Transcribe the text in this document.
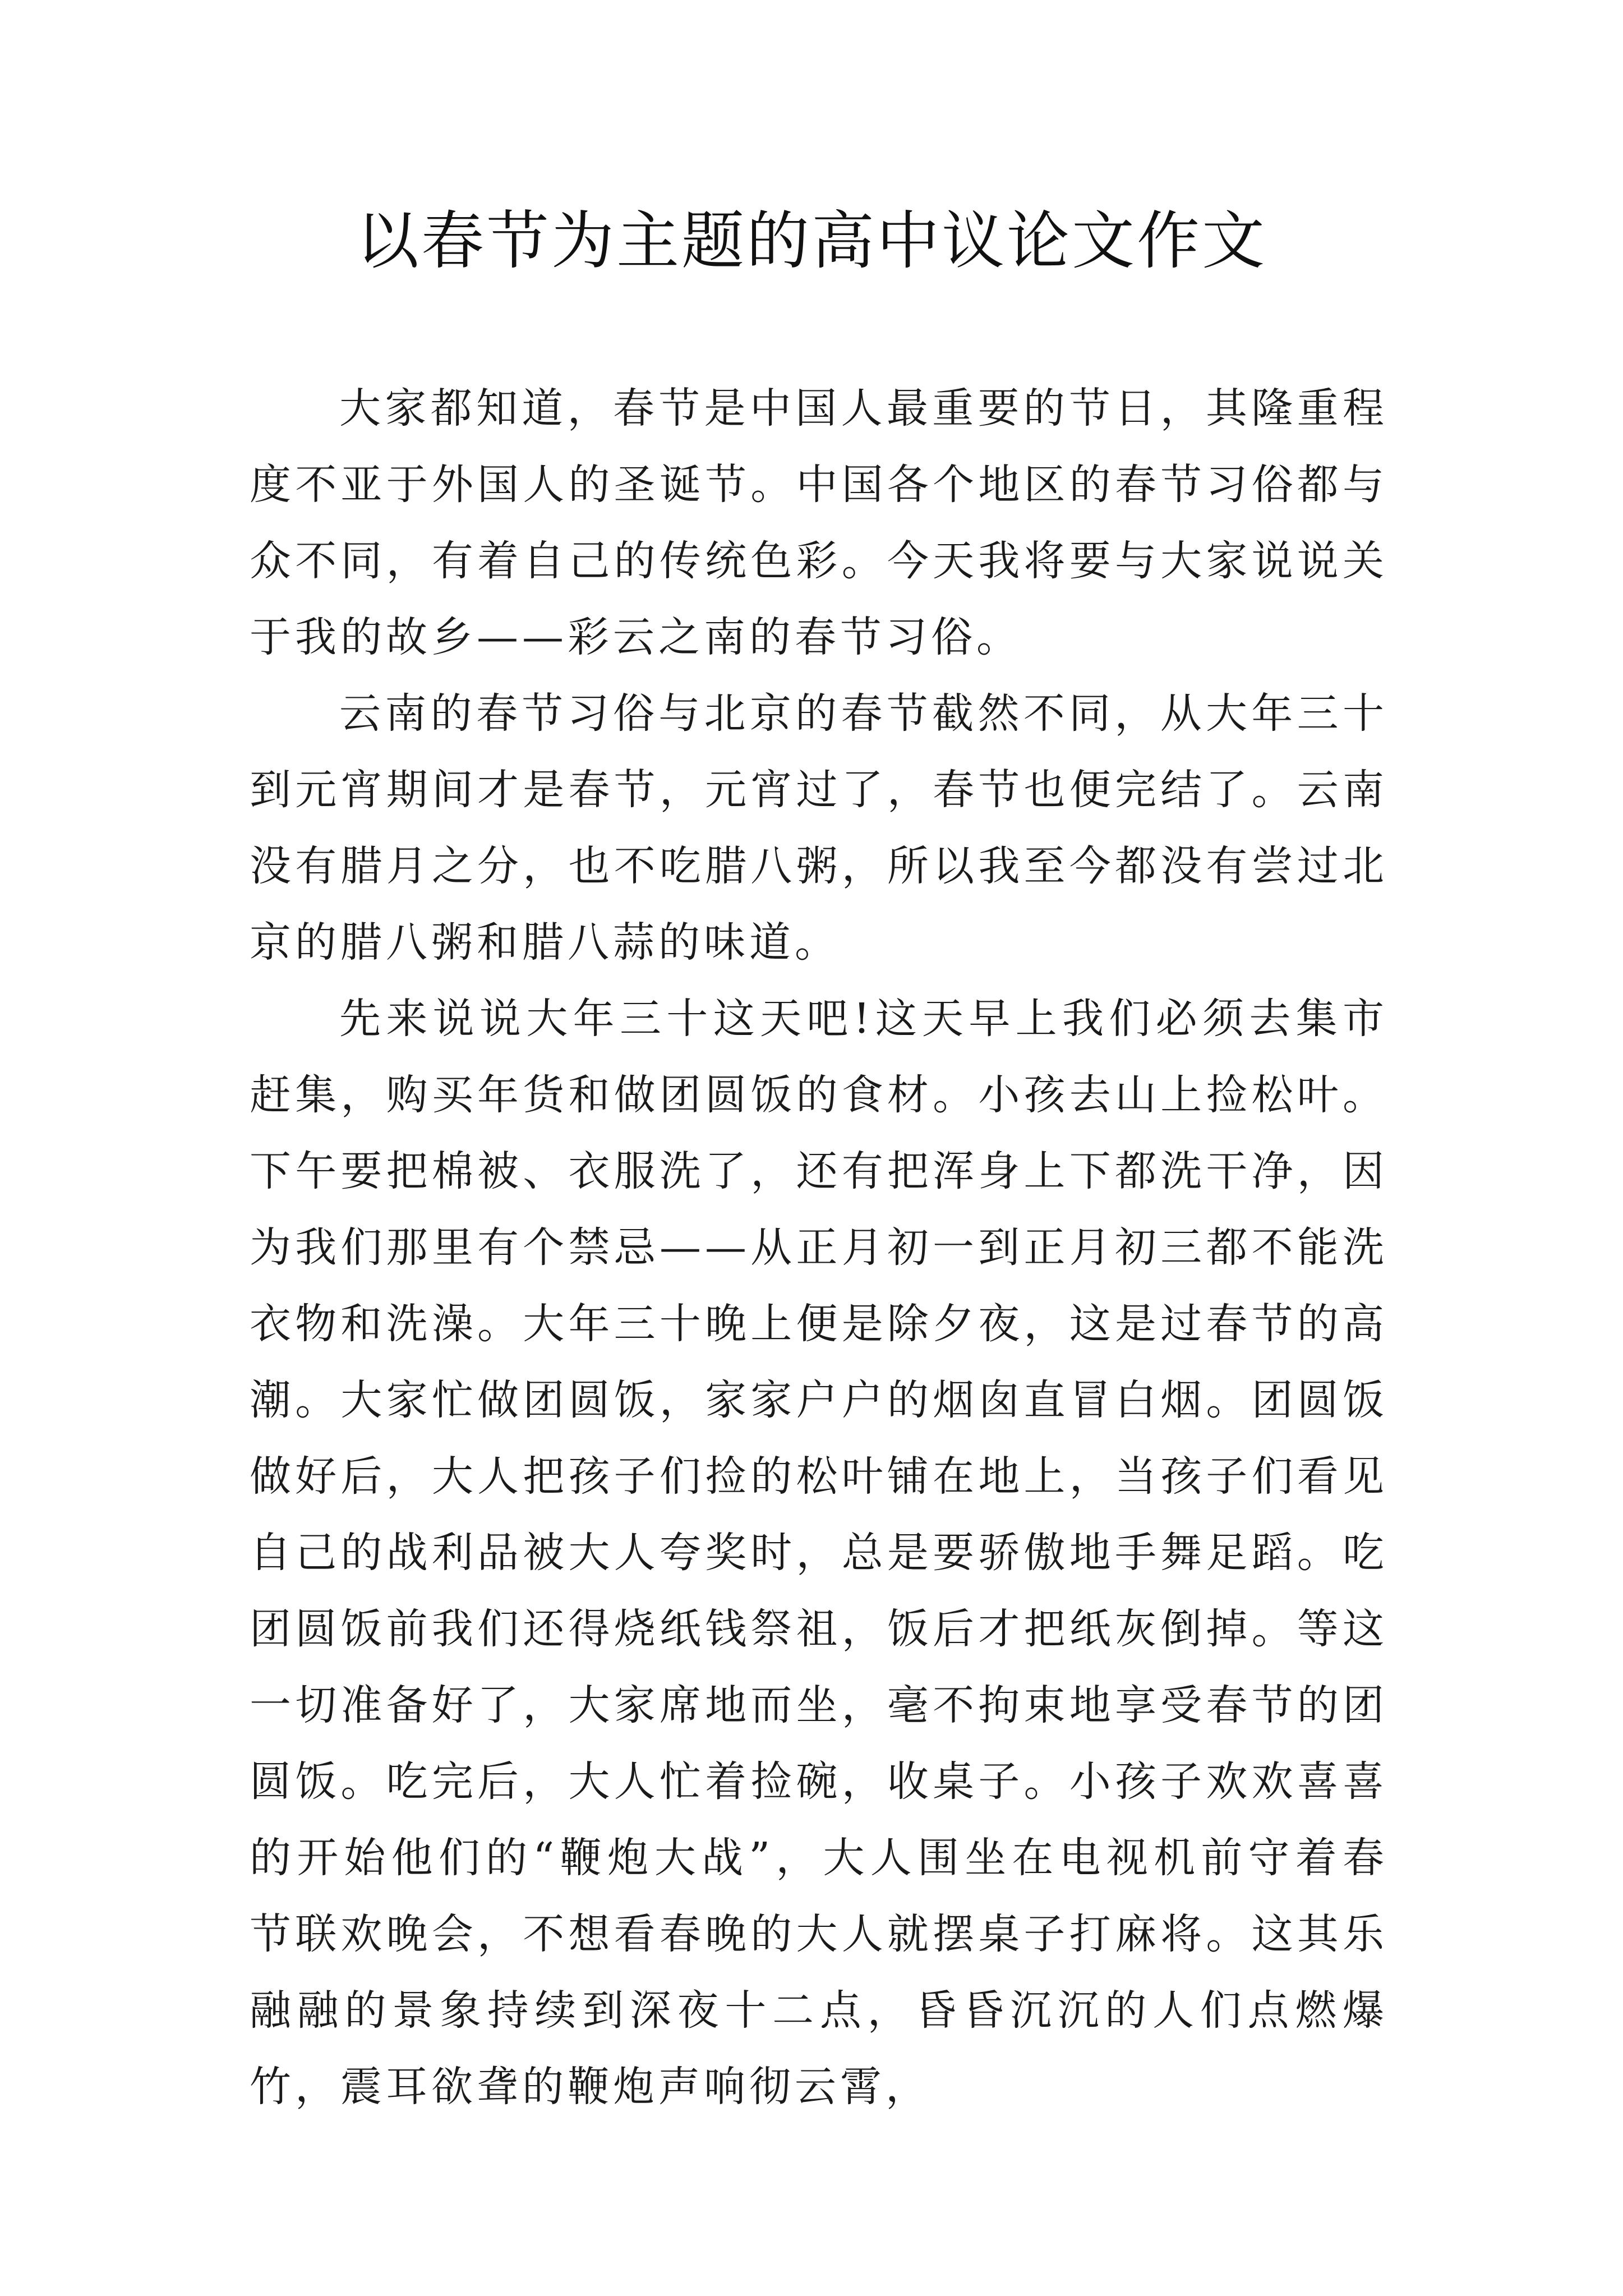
以春节为主题的高中议论文作文

大家都知道，春节是中国人最重要的节日，其隆重程度不亚于外国人的圣诞节。中国各个地区的春节习俗都与众不同，有着自己的传统色彩。今天我将要与大家说说关于我的故乡——彩云之南的春节习俗。

云南的春节习俗与北京的春节截然不同，从大年三十到元宵期间才是春节，元宵过了，春节也便完结了。云南没有腊月之分，也不吃腊八粥，所以我至今都没有尝过北京的腊八粥和腊八蒜的味道。

先来说说大年三十这天吧!这天早上我们必须去集市赶集，购买年货和做团圆饭的食材。小孩去山上捡松叶。下午要把棉被、衣服洗了，还有把浑身上下都洗干净，因为我们那里有个禁忌——从正月初一到正月初三都不能洗衣物和洗澡。大年三十晚上便是除夕夜，这是过春节的高潮。大家忙做团圆饭，家家户户的烟囱直冒白烟。团圆饭做好后，大人把孩子们捡的松叶铺在地上，当孩子们看见自己的战利品被大人夸奖时，总是要骄傲地手舞足蹈。吃团圆饭前我们还得烧纸钱祭祖，饭后才把纸灰倒掉。等这一切准备好了，大家席地而坐，毫不拘束地享受春节的团圆饭。吃完后，大人忙着捡碗，收桌子。小孩子欢欢喜喜的开始他们的“鞭炮大战”，大人围坐在电视机前守着春节联欢晚会，不想看春晚的大人就摆桌子打麻将。这其乐融融的景象持续到深夜十二点，昏昏沉沉的人们点燃爆竹，震耳欲聋的鞭炮声响彻云霄，
